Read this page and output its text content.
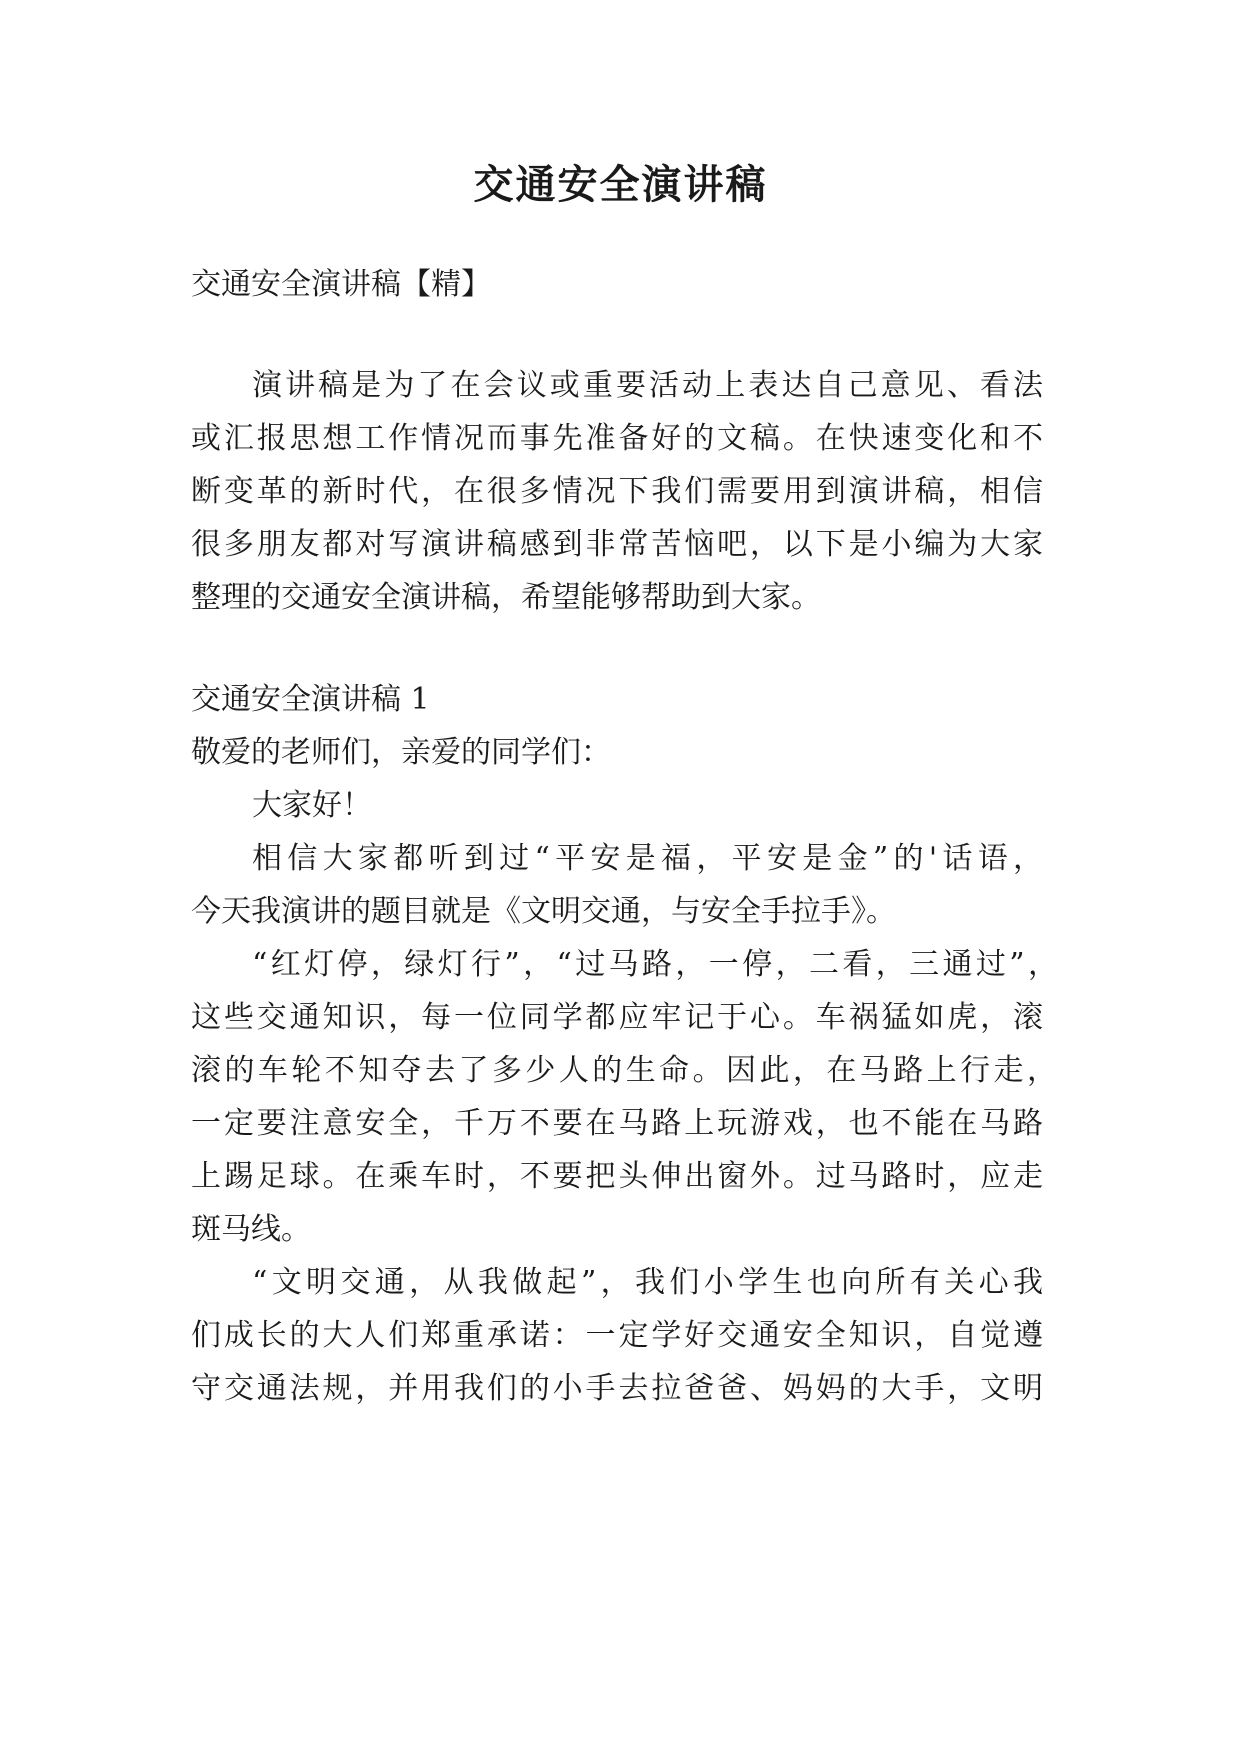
交通安全演讲稿

交通安全演讲稿【精】

演讲稿是为了在会议或重要活动上表达自己意见、看法

或汇报思想工作情况而事先准备好的文稿。在快速变化和不

断变革的新时代，在很多情况下我们需要用到演讲稿，相信

很多朋友都对写演讲稿感到非常苦恼吧，以下是小编为大家

整理的交通安全演讲稿，希望能够帮助到大家。

交通安全演讲稿 1

敬爱的老师们，亲爱的同学们：

大家好！

相信大家都听到过“平安是福，平安是金”的'话语，

今天我演讲的题目就是《文明交通，与安全手拉手》。

“红灯停，绿灯行”，“过马路，一停，二看，三通过”，

这些交通知识，每一位同学都应牢记于心。车祸猛如虎，滚

滚的车轮不知夺去了多少人的生命。因此，在马路上行走，

一定要注意安全，千万不要在马路上玩游戏，也不能在马路

上踢足球。在乘车时，不要把头伸出窗外。过马路时，应走

斑马线。

“文明交通，从我做起”，我们小学生也向所有关心我

们成长的大人们郑重承诺：一定学好交通安全知识，自觉遵

守交通法规，并用我们的小手去拉爸爸、妈妈的大手，文明
